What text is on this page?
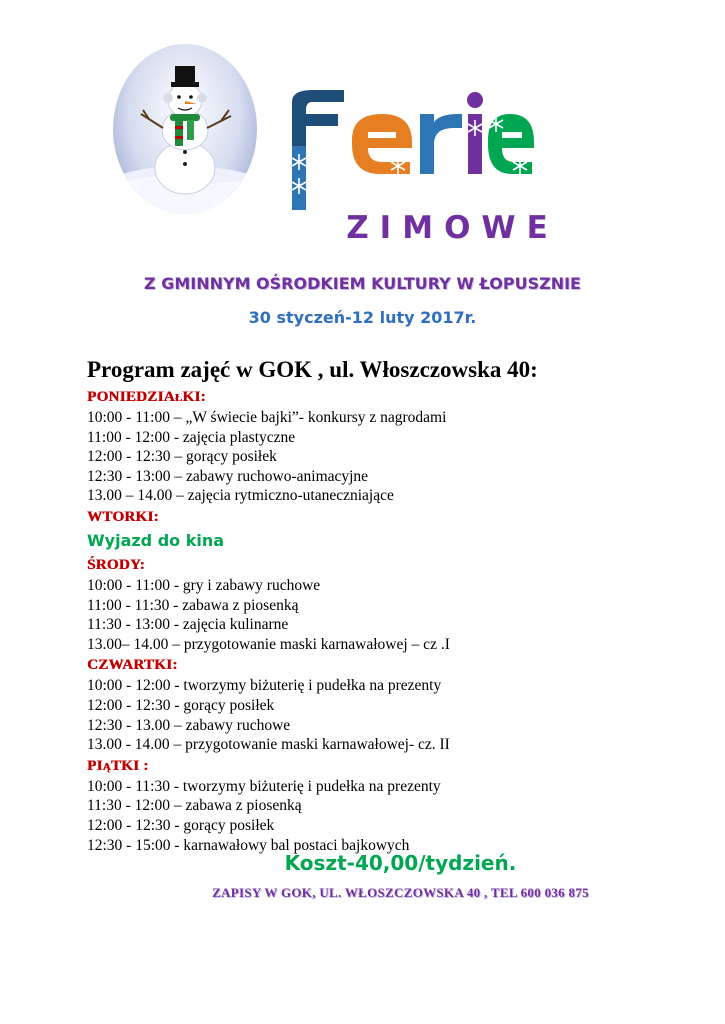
ZIMOWE
Z GMINNYM OŚRODKIEM KULTURY W ŁOPUSZNIE
30 styczeń-12 luty 2017r.
Program zajęć w GOK , ul. Włoszczowska 40:
PONIEDZIAłKI:
10:00 - 11:00 – „W świecie bajki”- konkursy z nagrodami
11:00 - 12:00 - zajęcia plastyczne
12:00 - 12:30 – gorący posiłek
12:30 - 13:00 – zabawy ruchowo-animacyjne
13.00 – 14.00 – zajęcia rytmiczno-utaneczniające
WTORKI:
Wyjazd do kina
ŚRODY:
10:00 - 11:00 - gry i zabawy ruchowe
11:00 - 11:30 - zabawa z piosenką
11:30 - 13:00 - zajęcia kulinarne
13.00– 14.00 – przygotowanie maski karnawałowej – cz .I
CZWARTKI:
10:00 - 12:00 - tworzymy biżuterię i pudełka na prezenty
12:00 - 12:30 - gorący posiłek
12:30 - 13.00 – zabawy ruchowe
13.00 - 14.00 – przygotowanie maski karnawałowej- cz. II
PIąTKI :
10:00 - 11:30 - tworzymy biżuterię i pudełka na prezenty
11:30 - 12:00 – zabawa z piosenką
12:00 - 12:30 - gorący posiłek
12:30 - 15:00 - karnawałowy bal postaci bajkowych
Koszt-40,00/tydzień.
ZAPISY W GOK, UL. WŁOSZCZOWSKA 40 , TEL 600 036 875
